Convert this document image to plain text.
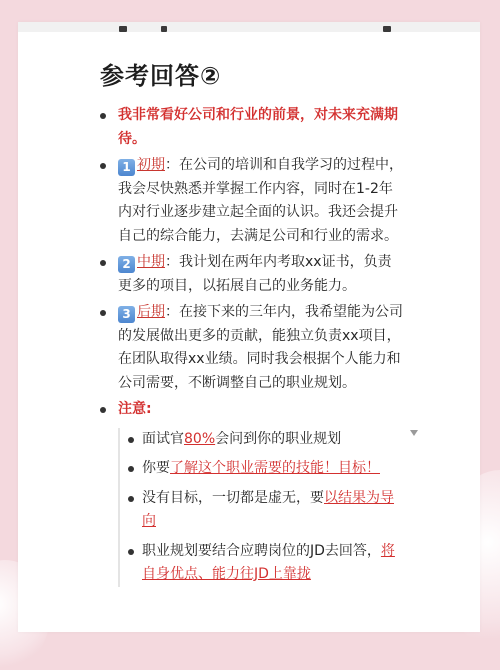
参考回答②
我非常看好公司和行业的前景，对未来充满期待。
1 初期：在公司的培训和自我学习的过程中，我会尽快熟悉并掌握工作内容，同时在1-2年内对行业逐步建立起全面的认识。我还会提升自己的综合能力，去满足公司和行业的需求。
2 中期：我计划在两年内考取xx证书，负责更多的项目，以拓展自己的业务能力。
3 后期：在接下来的三年内，我希望能为公司的发展做出更多的贡献，能独立负责xx项目，在团队取得xx业绩。同时我会根据个人能力和公司需要，不断调整自己的职业规划。
注意:
面试官80%会问到你的职业规划
你要了解这个职业需要的技能！目标！
没有目标，一切都是虚无，要以结果为导向
职业规划要结合应聘岗位的JD去回答，将自身优点、能力往JD上靠拢
